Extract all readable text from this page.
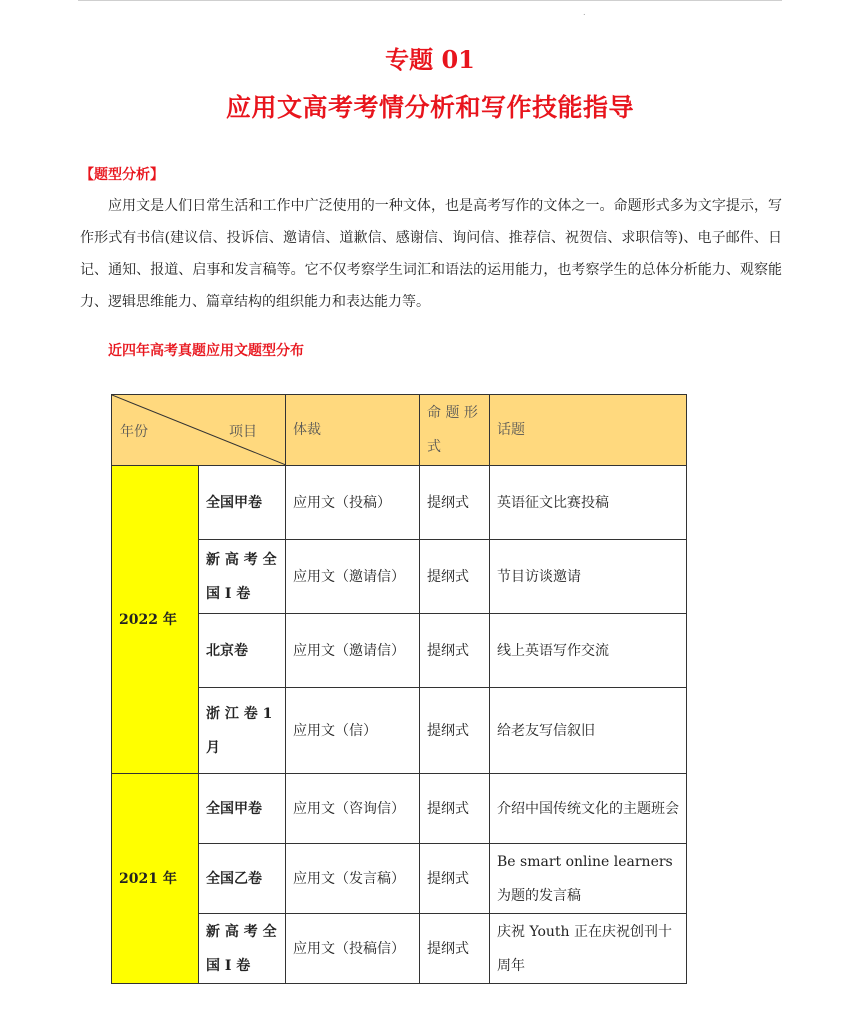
.
专题 01
应用文高考考情分析和写作技能指导
【题型分析】

应用文是人们日常生活和工作中广泛使用的一种文体，也是高考写作的文体之一。命题形式多为文字提示，写作形式有书信(建议信、投诉信、邀请信、道歉信、感谢信、询问信、推荐信、祝贺信、求职信等)、电子邮件、日记、通知、报道、启事和发言稿等。它不仅考察学生词汇和语法的运用能力，也考察学生的总体分析能力、观察能力、逻辑思维能力、篇章结构的组织能力和表达能力等。

近四年高考真题应用文题型分布
年份 项目		体裁	命 题 形 式	话题
2022 年	全国甲卷	应用文（投稿）	提纲式	英语征文比赛投稿
	新 高 考 全 国 I 卷	应用文（邀请信）	提纲式	节目访谈邀请
	北京卷	应用文（邀请信）	提纲式	线上英语写作交流
	浙 江 卷 1 月	应用文（信）	提纲式	给老友写信叙旧
2021 年	全国甲卷	应用文（咨询信）	提纲式	介绍中国传统文化的主题班会
	全国乙卷	应用文（发言稿）	提纲式	Be smart online learners 为题的发言稿
	新 高 考 全 国 I 卷	应用文（投稿信）	提纲式	庆祝 Youth 正在庆祝创刊十周年
